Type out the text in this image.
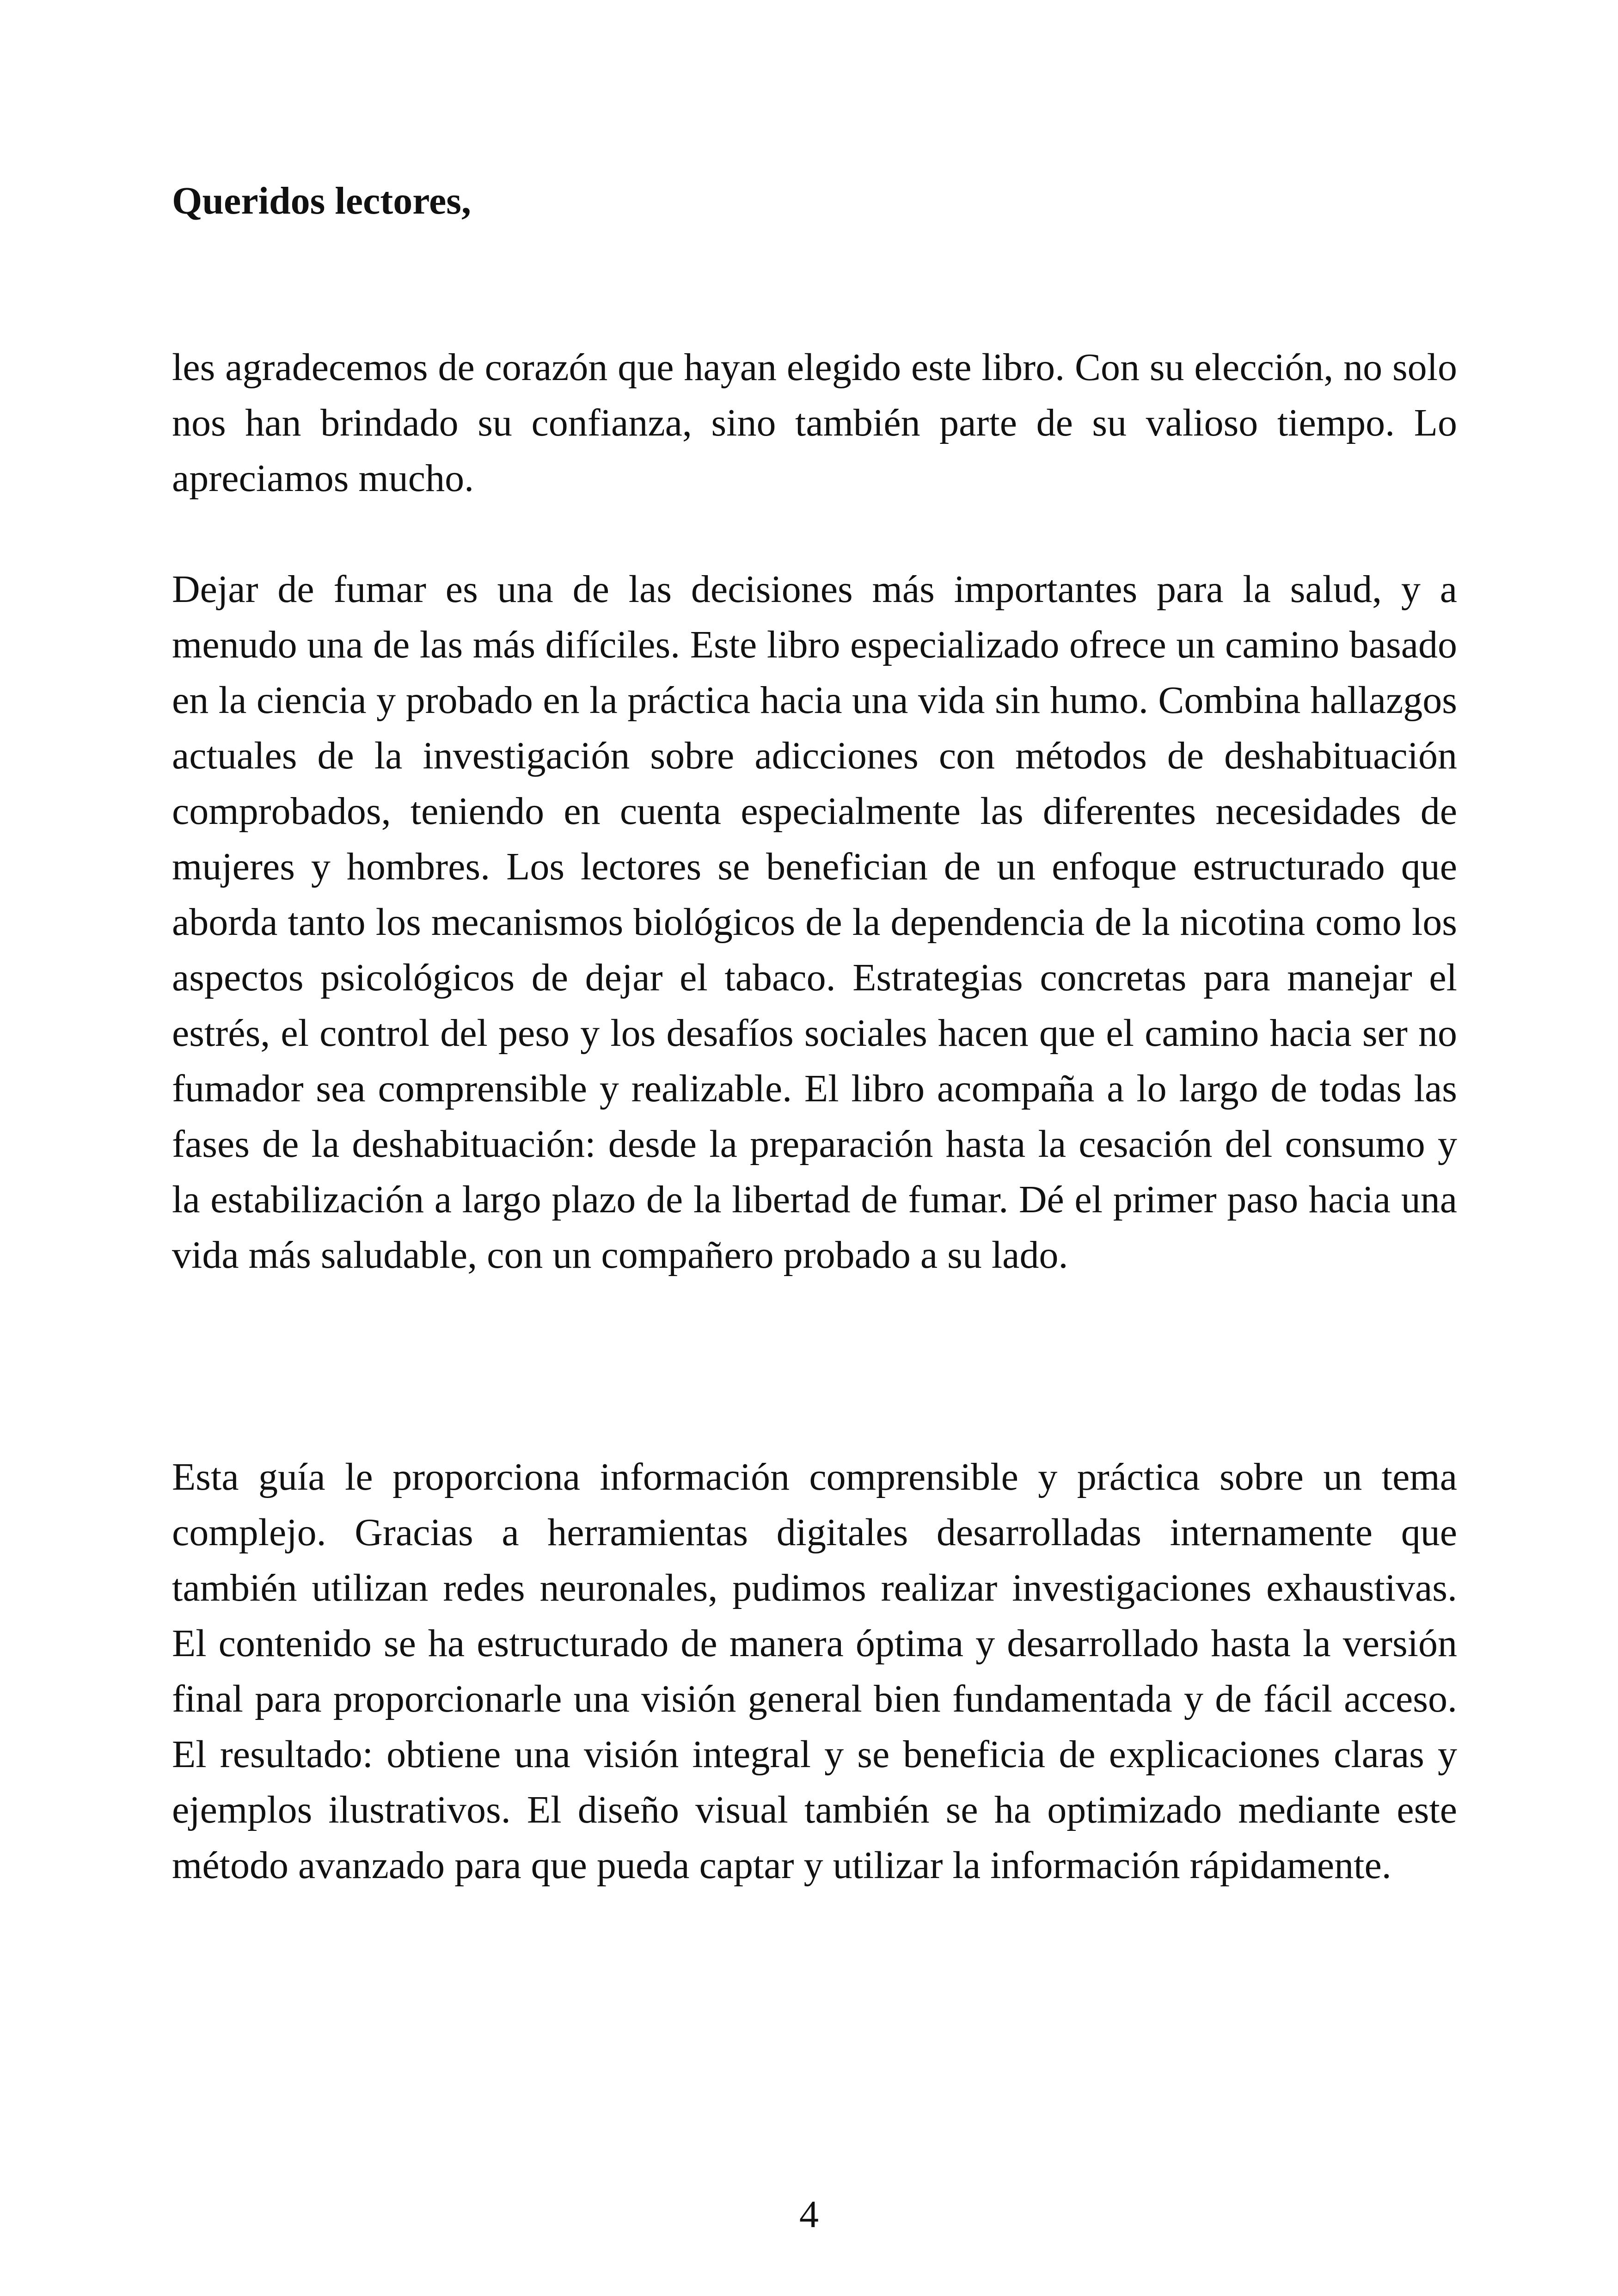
Queridos lectores,

les agradecemos de corazón que hayan elegido este libro. Con su elección, no solo nos han brindado su confianza, sino también parte de su valioso tiempo. Lo apreciamos mucho.

Dejar de fumar es una de las decisiones más importantes para la salud, y a menudo una de las más difíciles. Este libro especializado ofrece un camino basado en la ciencia y probado en la práctica hacia una vida sin humo. Combina hallazgos actuales de la investigación sobre adicciones con métodos de deshabituación comprobados, teniendo en cuenta especialmente las diferentes necesidades de mujeres y hombres. Los lectores se benefician de un enfoque estructurado que aborda tanto los mecanismos biológicos de la dependencia de la nicotina como los aspectos psicológicos de dejar el tabaco. Estrategias concretas para manejar el estrés, el control del peso y los desafíos sociales hacen que el camino hacia ser no fumador sea comprensible y realizable. El libro acompaña a lo largo de todas las fases de la deshabituación: desde la preparación hasta la cesación del consumo y la estabilización a largo plazo de la libertad de fumar. Dé el primer paso hacia una vida más saludable, con un compañero probado a su lado.

Esta guía le proporciona información comprensible y práctica sobre un tema complejo. Gracias a herramientas digitales desarrolladas internamente que también utilizan redes neuronales, pudimos realizar investigaciones exhaustivas. El contenido se ha estructurado de manera óptima y desarrollado hasta la versión final para proporcionarle una visión general bien fundamentada y de fácil acceso. El resultado: obtiene una visión integral y se beneficia de explicaciones claras y ejemplos ilustrativos. El diseño visual también se ha optimizado mediante este método avanzado para que pueda captar y utilizar la información rápidamente.

4
